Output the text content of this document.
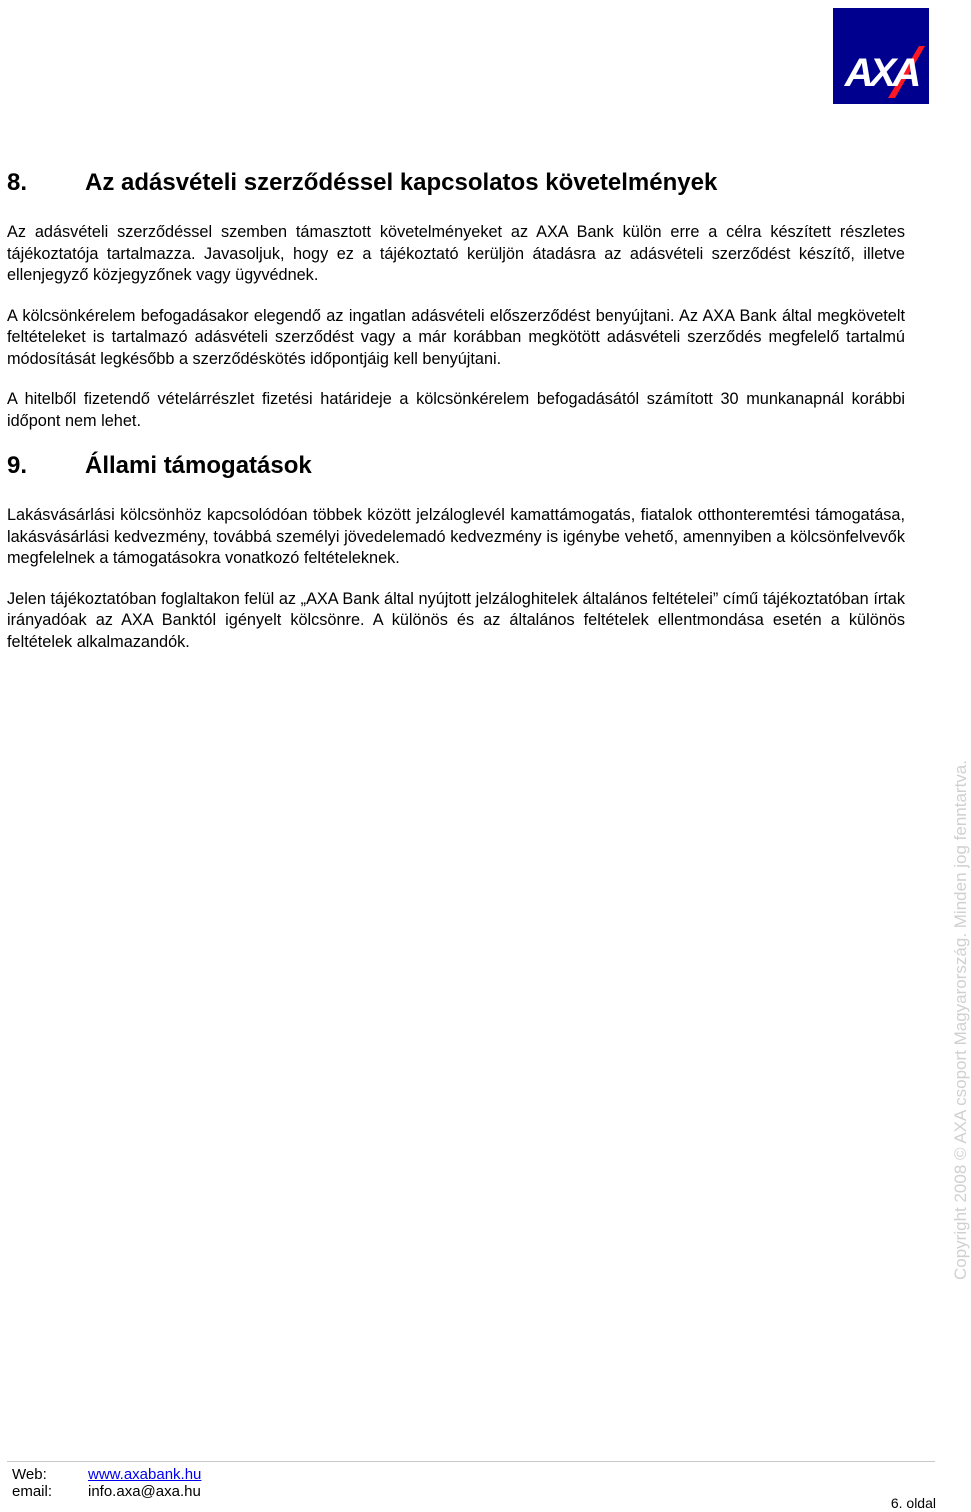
AXA
8.	Az adásvételi szerződéssel kapcsolatos követelmények

Az adásvételi szerződéssel szemben támasztott követelményeket az AXA Bank külön erre a célra készített részletes tájékoztatója tartalmazza. Javasoljuk, hogy ez a tájékoztató kerüljön átadásra az adásvételi szerződést készítő, illetve ellenjegyző közjegyzőnek vagy ügyvédnek.

A kölcsönkérelem befogadásakor elegendő az ingatlan adásvételi előszerződést benyújtani. Az AXA Bank által megkövetelt feltételeket is tartalmazó adásvételi szerződést vagy a már korábban megkötött adásvételi szerződés megfelelő tartalmú módosítását legkésőbb a szerződéskötés időpontjáig kell benyújtani.

A hitelből fizetendő vételárrészlet fizetési határideje a kölcsönkérelem befogadásától számított 30 munkanapnál korábbi időpont nem lehet.

9.	Állami támogatások

Lakásvásárlási kölcsönhöz kapcsolódóan többek között jelzáloglevél kamattámogatás, fiatalok otthonteremtési támogatása, lakásvásárlási kedvezmény, továbbá személyi jövedelemadó kedvezmény is igénybe vehető, amennyiben a kölcsönfelvevők megfelelnek a támogatásokra vonatkozó feltételeknek.

Jelen tájékoztatóban foglaltakon felül az „AXA Bank által nyújtott jelzáloghitelek általános feltételei” című tájékoztatóban írtak irányadóak az AXA Banktól igényelt kölcsönre. A különös és az általános feltételek ellentmondása esetén a különös feltételek alkalmazandók.

Copyright 2008 © AXA csoport Magyarország. Minden jog fenntartva.
Web:	www.axabank.hu
email:	info.axa@axa.hu
6. oldal
